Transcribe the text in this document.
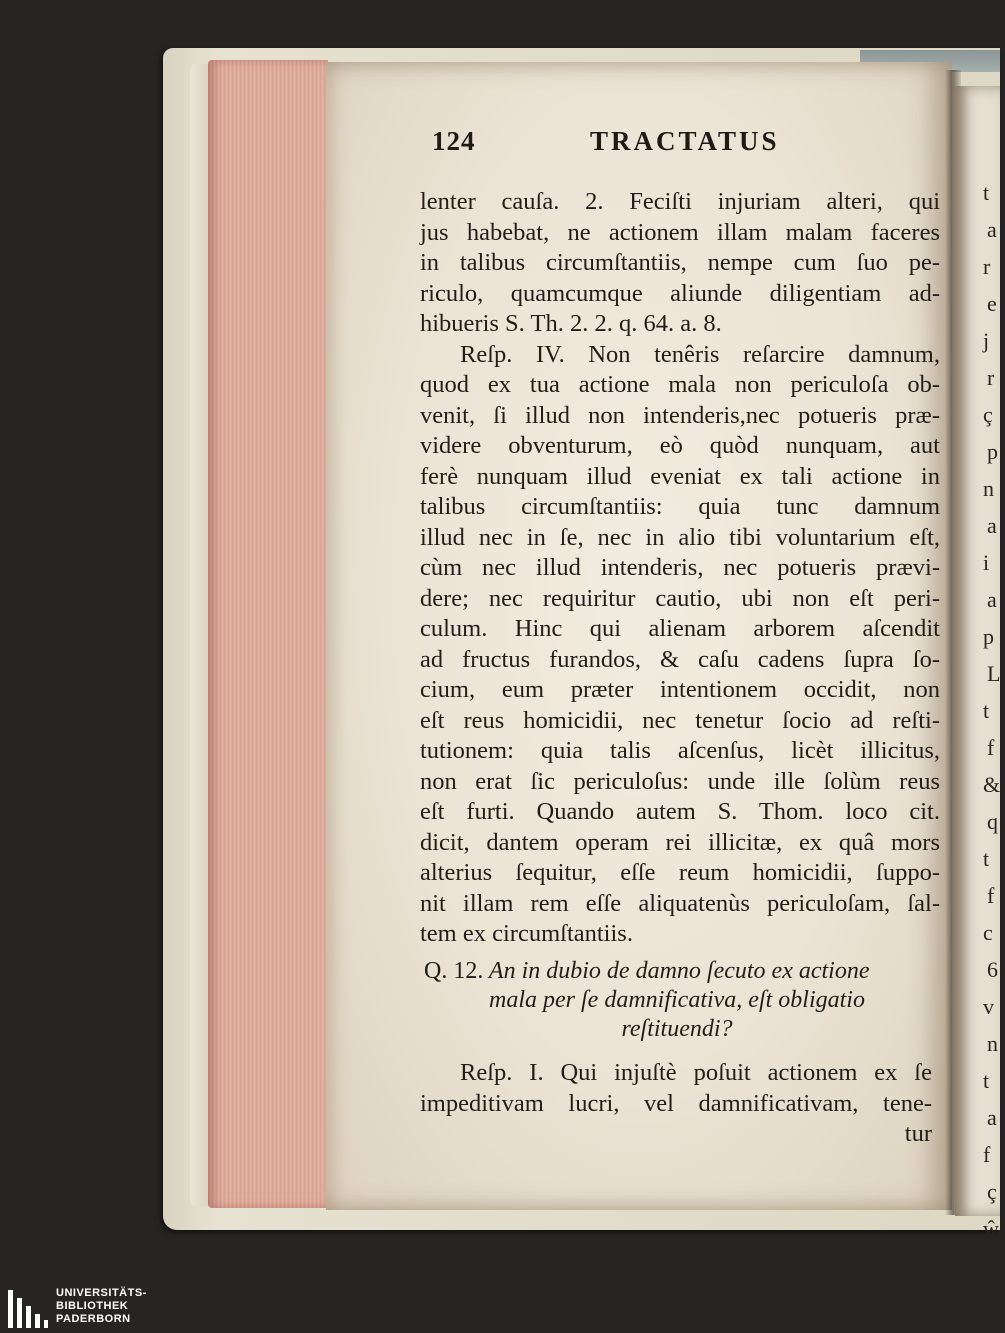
t
a
r
e
j
r
ç
p
n
a
i
a
p
L
t
f
&
q
t
f
c
6
v
n
t
a
f
ç
ŵ
124	TRACTATUS
lenter cauſa. 2. Feciſti injuriam alteri, qui
jus habebat, ne actionem illam malam faceres
in talibus circumſtantiis, nempe cum ſuo pe-
riculo, quamcumque aliunde diligentiam ad-
hibueris S. Th. 2. 2. q. 64. a. 8.
Reſp. IV. Non tenêris reſarcire damnum,
quod ex tua actione mala non periculoſa ob-
venit, ſi illud non intenderis,nec potueris præ-
videre obventurum, eò quòd nunquam, aut
ferè nunquam illud eveniat ex tali actione in
talibus circumſtantiis: quia tunc damnum
illud nec in ſe, nec in alio tibi voluntarium eſt,
cùm nec illud intenderis, nec potueris prævi-
dere; nec requiritur cautio, ubi non eſt peri-
culum. Hinc qui alienam arborem aſcendit
ad fructus furandos, & caſu cadens ſupra ſo-
cium, eum præter intentionem occidit, non
eſt reus homicidii, nec tenetur ſocio ad reſti-
tutionem: quia talis aſcenſus, licèt illicitus,
non erat ſic periculoſus: unde ille ſolùm reus
eſt furti. Quando autem S. Thom. loco cit.
dicit, dantem operam rei illicitæ, ex quâ mors
alterius ſequitur, eſſe reum homicidii, ſuppo-
nit illam rem eſſe aliquatenùs periculoſam, ſal-
tem ex circumſtantiis.
Q. 12. An in dubio de damno ſecuto ex actione
mala per ſe damnificativa, eſt obligatio
reſtituendi?
Reſp. I. Qui injuſtè poſuit actionem ex ſe
impeditivam lucri, vel damnificativam, tene-
tur
UNIVERSITÄTS-
BIBLIOTHEK
PADERBORN
